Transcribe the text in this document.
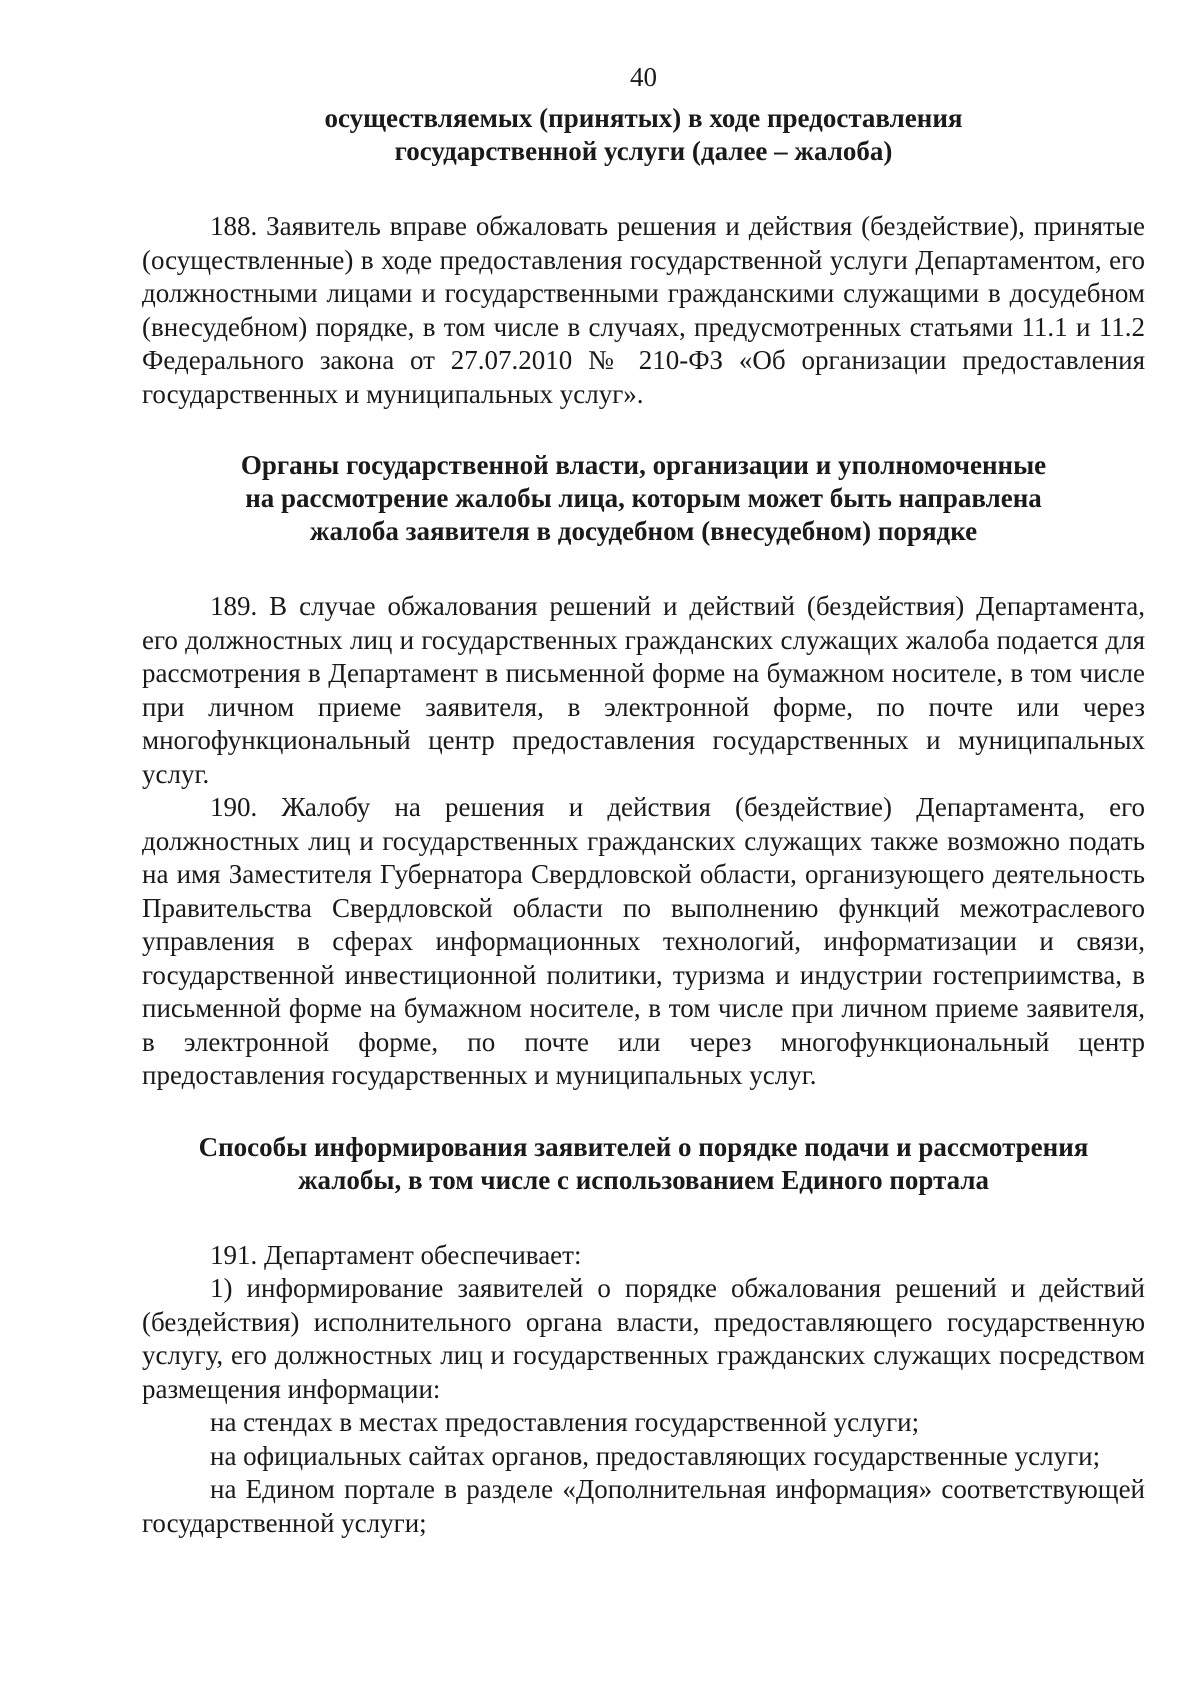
40

осуществляемых (принятых) в ходе предоставления

государственной услуги (далее – жалоба)

188. Заявитель вправе обжаловать решения и действия (бездействие), принятые (осуществленные) в ходе предоставления государственной услуги Департаментом, его должностными лицами и государственными гражданскими служащими в досудебном (внесудебном) порядке, в том числе в случаях, предусмотренных статьями 11.1 и 11.2 Федерального закона от 27.07.2010 № 210-ФЗ «Об организации предоставления государственных и муниципальных услуг».

Органы государственной власти, организации и уполномоченные

на рассмотрение жалобы лица, которым может быть направлена

жалоба заявителя в досудебном (внесудебном) порядке

189. В случае обжалования решений и действий (бездействия) Департамента, его должностных лиц и государственных гражданских служащих жалоба подается для рассмотрения в Департамент в письменной форме на бумажном носителе, в том числе при личном приеме заявителя, в электронной форме, по почте или через многофункциональный центр предоставления государственных и муниципальных услуг.

190. Жалобу на решения и действия (бездействие) Департамента, его должностных лиц и государственных гражданских служащих также возможно подать на имя Заместителя Губернатора Свердловской области, организующего деятельность Правительства Свердловской области по выполнению функций межотраслевого управления в сферах информационных технологий, информатизации и связи, государственной инвестиционной политики, туризма и индустрии гостеприимства, в письменной форме на бумажном носителе, в том числе при личном приеме заявителя, в электронной форме, по почте или через многофункциональный центр предоставления государственных и муниципальных услуг.

Способы информирования заявителей о порядке подачи и рассмотрения

жалобы, в том числе с использованием Единого портала

191. Департамент обеспечивает:

1) информирование заявителей о порядке обжалования решений и действий (бездействия) исполнительного органа власти, предоставляющего государственную услугу, его должностных лиц и государственных гражданских служащих посредством размещения информации:

на стендах в местах предоставления государственной услуги;

на официальных сайтах органов, предоставляющих государственные услуги;

на Едином портале в разделе «Дополнительная информация» соответствующей государственной услуги;
